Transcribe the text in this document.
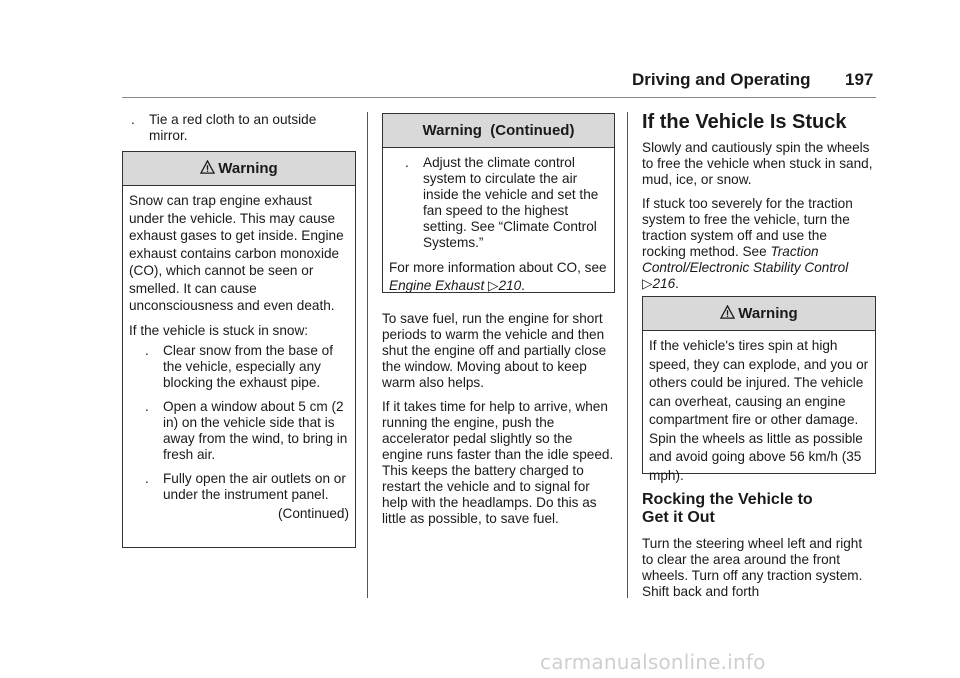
Driving and Operating 197
. Tie a red cloth to an outside mirror.
Warning

Snow can trap engine exhaust under the vehicle. This may cause exhaust gases to get inside. Engine exhaust contains carbon monoxide (CO), which cannot be seen or smelled. It can cause unconsciousness and even death.

If the vehicle is stuck in snow:

. Clear snow from the base of the vehicle, especially any blocking the exhaust pipe.
. Open a window about 5 cm (2 in) on the vehicle side that is away from the wind, to bring in fresh air.
. Fully open the air outlets on or under the instrument panel.

(Continued)

Warning  (Continued)
. Adjust the climate control system to circulate the air inside the vehicle and set the fan speed to the highest setting. See “Climate Control Systems.”

For more information about CO, see Engine Exhaust ▷210.

To save fuel, run the engine for short periods to warm the vehicle and then shut the engine off and partially close the window. Moving about to keep warm also helps.

If it takes time for help to arrive, when running the engine, push the accelerator pedal slightly so the engine runs faster than the idle speed. This keeps the battery charged to restart the vehicle and to signal for help with the headlamps. Do this as little as possible, to save fuel.

If the Vehicle Is Stuck

Slowly and cautiously spin the wheels to free the vehicle when stuck in sand, mud, ice, or snow.

If stuck too severely for the traction system to free the vehicle, turn the traction system off and use the rocking method. See Traction Control/Electronic Stability Control ▷216.

Warning

If the vehicle's tires spin at high speed, they can explode, and you or others could be injured. The vehicle can overheat, causing an engine compartment fire or other damage. Spin the wheels as little as possible and avoid going above 56 km/h (35 mph).

Rocking the Vehicle to Get it Out

Turn the steering wheel left and right to clear the area around the front wheels. Turn off any traction system. Shift back and forth

carmanualsonline.info
